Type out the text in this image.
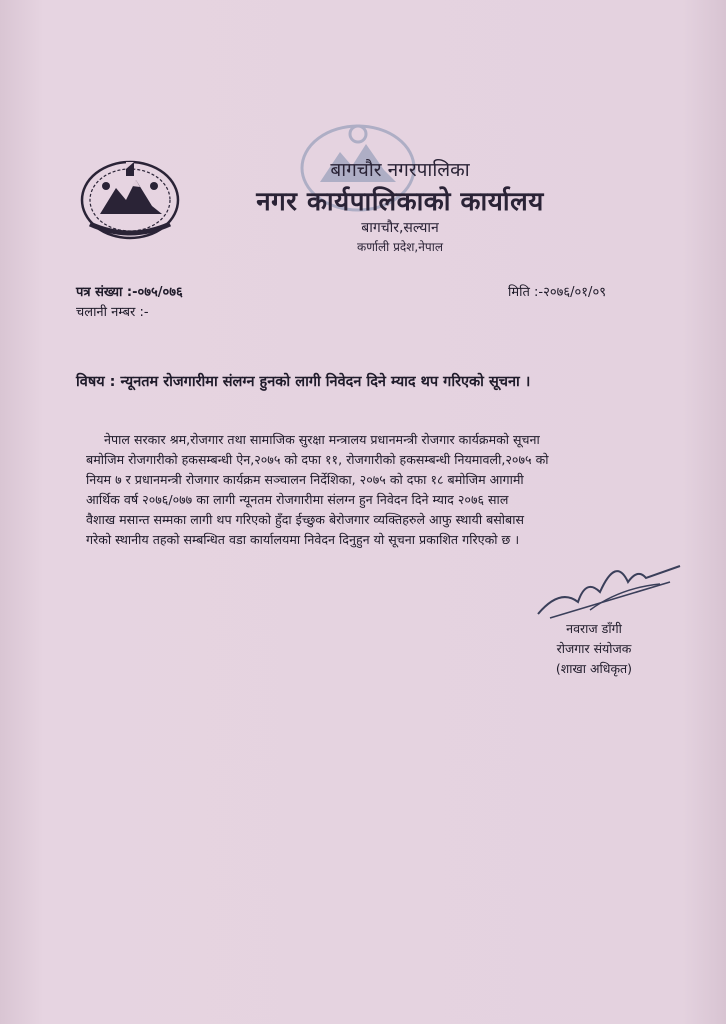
बागचौर नगरपालिका
नगर कार्यपालिकाको कार्यालय
बागचौर,सल्यान
कर्णाली प्रदेश,नेपाल
पत्र संख्या :-०७५/०७६
चलानी नम्बर :-
मिति :-२०७६/०१/०९
विषय : न्यूनतम रोजगारीमा संलग्न हुनको लागी निवेदन दिने म्याद थप गरिएको सूचना ।
नेपाल सरकार श्रम,रोजगार तथा सामाजिक सुरक्षा मन्त्रालय प्रधानमन्त्री रोजगार कार्यक्रमको सूचना
बमोजिम रोजगारीको हकसम्बन्धी ऐन,२०७५ को दफा ११, रोजगारीको हकसम्बन्धी नियमावली,२०७५ को
नियम ७ र प्रधानमन्त्री रोजगार कार्यक्रम सञ्चालन निर्देशिका, २०७५ को दफा १८ बमोजिम आगामी
आर्थिक वर्ष २०७६/०७७ का लागी न्यूनतम रोजगारीमा संलग्न हुन निवेदन दिने म्याद २०७६ साल
वैशाख मसान्त सम्मका लागी थप गरिएको हुँदा ईच्छुक बेरोजगार व्यक्तिहरुले आफु स्थायी बसोबास
गरेको स्थानीय तहको सम्बन्धित वडा कार्यालयमा निवेदन दिनुहुन यो सूचना प्रकाशित गरिएको छ ।
नवराज डाँगी
रोजगार संयोजक
(शाखा अधिकृत)
